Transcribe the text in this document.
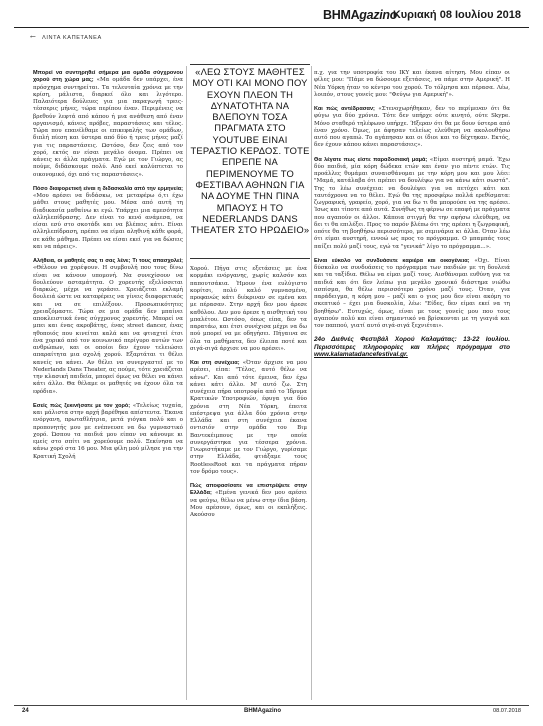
ΒΗΜΑgazino
Κυριακή 08 Ιουλίου 2018
← ΛΙΝΤΑ ΚΑΠΕΤΑΝΕΑ

Μπορεί να συντηρηθεί σήμερα μια ομάδα σύγχρονου χορού στη χώρα μας; «Μα ομάδα δεν υπάρχει, ένα πρόσχημα συντηρείται. Τα τελευταία χρόνια με την κρίση, μάλιστα, διαρκεί όλο και λιγότερο. Παλαιότερα δούλευες για μια παραγωγή τρεις-τέσσερις μήνες, τώρα περίπου έναν. Περιμένεις να βρεθούν λεφτά από κάπου ή μια ανάθεση από έναν οργανισμό, κάνεις πρόβες, παραστάσεις και τέλος. Τώρα που επανέλθαμε οι επικεφαλής των ομάδων, διπλή πίεση και ύστερα από δύο ή τρεις μήνες μαζί για τις παραστάσεις. Ωστόσο, δεν ζεις από τον χορό, εκτός αν είσαι μεγάλο όνομα. Πρέπει να κάνεις κι άλλα πράγματα. Εγώ με τον Γιώργο, ας πούμε, διδάσκουμε πολύ. Από εκεί καλύπτεται το οικονομικό, όχι από τις παραστάσεις».

Πόσο διαφορετική είναι η διδασκαλία από την ερμηνεία; «Μου αρέσει να διδάσκω, να μεταφέρω ό,τι έχω μάθει στους μαθητές μου. Μέσα από αυτή τη διαδικασία μαθαίνω κι εγώ. Υπάρχει μια αμεσότητα αλληλεπίδρασης. Δεν είναι το κενό ανάμεσα, να είσαι εσύ στο σκοτάδι και να βλέπεις κάτι. Είναι αλληλεπίδραση, πρέπει να είμαι αληθινή κάθε φορά, σε κάθε μάθημα. Πρέπει να είσαι εκεί για να δώσεις και να πάρεις».

Αλήθεια, οι μαθητές σας τι σας λένε; Τι τους απασχολεί; «Θέλουν να χορέψουν. Η συμβουλή που τους δίνω είναι να κάνουν υπομονή. Να συνεχίσουν να δουλεύουν ασταμάτητα. Ο χορευτής εξελίσσεται διαρκώς, μέχρι να γεράσει. Χρειάζεται εκλαμή δουλειά ώστε να καταφέρεις να γίνεις διαφορετικός και να σε επιλέξουν. Προσωπικότητες χρειαζόμαστε. Τώρα σε μια ομάδα δεν μπαίνει αποκλειστικά ένας σύγχρονος χορευτής. Μπορεί να μπει και ένας ακροβάτης, ένας street dancer, ένας ηθοποιός που κινείται καλά και να φτιαχτεί έτσι ένα χορικό από τον κοινωνικό περίγυρο αυτών των ανθρώπων, και οι οποίοι δεν έχουν τελειώσει απαραίτητα μια σχολή χορού. Εξαρτάται τι θέλει κανείς να κάνει. Αν θέλει να συνεργαστεί με το Nederlands Dans Theater, ας πούμε, τότε χρειάζεται την κλασική παιδεία, μπορεί όμως να θέλει να κάνει κάτι άλλο. Θα θέλαμε οι μαθητές να έχουν όλα τα εφόδια».

Εσείς πώς ξεκινήσατε με τον χορό; «Τελείως τυχαία, και μάλιστα στην αρχή βαρέθηκα απίστευτα. Έκανα ενόργανη, πρωταθλήτρια, μετά γιόγκα πολύ και ο προπονητής μου με ενέπνευσε να δω γυμναστικό χορό. Ώσπου τα παιδιά μου είπαν να κάνουμε κι εμείς στο σπίτι να χορεύουμε πολύ. Ξεκίνησα να κάνω χορό στα 16 μου. Μια φίλη μού μίλησε για την Κρατική Σχολή

«ΛΕΩ ΣΤΟΥΣ ΜΑΘΗΤΕΣ ΜΟΥ ΟΤΙ ΚΑΙ ΜΟΝΟ ΠΟΥ ΕΧΟΥΝ ΠΛΕΟΝ ΤΗ ΔΥΝΑΤΟΤΗΤΑ ΝΑ ΒΛΕΠΟΥΝ ΤΟΣΑ ΠΡΑΓΜΑΤΑ ΣΤΟ YOUTUBE ΕΙΝΑΙ ΤΕΡΑΣΤΙΟ ΚΕΡΔΟΣ. ΤΟΤΕ ΕΠΡΕΠΕ ΝΑ ΠΕΡΙΜΕΝΟΥΜΕ ΤΟ ΦΕΣΤΙΒΑΛ ΑΘΗΝΩΝ ΓΙΑ ΝΑ ΔΟΥΜΕ ΤΗΝ ΠΙΝΑ ΜΠΑΟΥΣ Η ΤΟ NEDERLANDS DANS THEATER ΣΤΟ ΗΡΩΔΕΙΟ»

Χορού. Πήγα στις εξετάσεις με ένα κορμάκι ενόργανης, χωρίς καλσόν και παπουτσάκια. Ήμουν ένα ευλύγιστο κορίτσι, πολύ καλό γυμνασμένο, προφανώς κάτι διέκριναν σε εμένα και με πέρασαν. Στην αρχή δεν μου άρεσε καθόλου. Δεν μου άρεσε η αισθητική του μπαλέτου. Ωστόσο, όπως είπα, δεν τα παρατάω, και έτσι συνέχισα μέχρι να δω πού μπορεί να με οδηγήσει. Πήγαινα σε όλα τα μαθήματα, δεν έλειπα ποτέ και σιγά-σιγά άρχισε να μου αρέσει».

Και στη συνέχεια; «Όταν άρχισε να μου αρέσει, είπα: "Τέλος, αυτό θέλω να κάνω". Και από τότε έμεινα, δεν έχω κάνει κάτι άλλο. Μ' αυτό ζω. Στη συνέχεια πήρα υποτροφία από το Ίδρυμα Κρατικών Υποτροφιών, έφυγα για δύο χρόνια στη Νέα Υόρκη, έπειτα επέστρεψα για άλλα δύο χρόνια στην Ελλάδα και στη συνέχεια έκανα οντισιόν στην ομάδα του Βιμ Βαντεκέιμπους με την οποία συνεργάστηκα για τέσσερα χρόνια. Γνωριστήκαμε με τον Γιώργο, γυρίσαμε στην Ελλάδα, φτιάξαμε τους RootlessRoot και τα πράγματα πήραν τον δρόμο τους».

Πώς αποφασίσατε να επιστρέψετε στην Ελλάδα; «Εμένα γενικά δεν μου αρέσει να φεύγω, θέλω να μένω στην ίδια βάση. Μου αρέσουν, όμως, και οι εκπλήξεις. Ακούσου

π.χ. για την υποτροφία του ΙΚΥ και έκανα αίτηση. Μου είπαν οι φίλες μου: "Πάμε να δώσουμε εξετάσεις, να πάμε στην Αμερική". Η Νέα Υόρκη ήταν το κέντρο του χορού. Το τόλμησα και πέρασα. Λέω, λοιπόν, στους γονείς μου: "Φεύγω για Αμερική"».

Και πώς αντέδρασαν; «Στενοχωρήθηκαν, δεν το περίμεναν ότι θα φύγω για δύο χρόνια. Τότε δεν υπήρχε ούτε κινητό, ούτε Skype. Μόνο σταθερό τηλέφωνο υπήρχε. Ήξεραν ότι θα με δουν ύστερα από έναν χρόνο. Όμως, με άφησαν τελείως ελεύθερη να ακολουθήσω αυτό που αγαπώ. Το αγάπησαν και οι ίδιοι και το δέχτηκαν. Εκτός, δεν έχουν κάπου κάνει παραστάσεις».

Θα λέγατε πως είστε παραδοσιακή μαμά; «Είμαι αυστηρή μαμά. Έχω δύο παιδιά, μία κόρη δώδεκα ετών και έναν γιο πέντε ετών. Τις προάλλες θυμάμαι συναισθάνομαι με την κόρη μου και μου λέει: "Μαμά, κατάλαβα ότι πρέπει να δουλέψω για να κάνω κάτι σωστά". Της το λέω συνέχεια: να δουλέψει για να πετύχει κάτι και ταυτόχρονα να το θέλει. Εγώ θα της προσφέρω πολλά ερεθίσματα: ζωγραφική, γραφείο, χορό, για να δω τι θα μπορούσε να της αρέσει. Ίσως και τίποτε από αυτά. Συνήθως τη φέρνω σε επαφή με πράγματα που αγαπούν οι άλλοι. Κάποια στιγμή θα την αφήσω ελεύθερη, να δει τι θα επιλέξει. Προς το παρόν βλέπω ότι της αρέσει η ζωγραφική, οπότε θα τη βοηθήσω περισσότερο, με σεμινάρια κι άλλα. Όταν λέω ότι είμαι αυστηρή, εννοώ ως προς το πρόγραμμα. Ο μπαμπάς τους παίζει πολύ μαζί τους, εγώ τα "γενικά" λίγο το πρόγραμμα...».

Είναι εύκολο να συνδυάσετε καριέρα και οικογένεια; «Όχι. Είναι δύσκολο να συνδυάσεις το πρόγραμμα των παιδιών με τη δουλειά και τα ταξίδια. Θέλω να είμαι μαζί τους. Αισθάνομαι ευθύνη για τα παιδιά και ότι δεν λείπω για μεγάλο χρονικό διάστημα νιώθω ασπίσμα, θα θέλω περισσότερο χρόνο μαζί τους. Όταν, για παράδειγμα, η κόρη μου – μαζί και ο γιος μου δεν είναι ακόμη το σκεπτικό – έχει μια δυσκολία, λέω: "Είδες, δεν είμαι εκεί να τη βοηθήσω". Ευτυχώς, όμως, είναι με τους γονείς μου που τους αγαπούν πολύ και είναι σημαντικό να βρίσκονται με τη γιαγιά και τον παππού, γιατί αυτό σιγά-σιγά ξεχνιέται».

24ο Διεθνές Φεστιβάλ Χορού Καλαμάτας: 13-22 Ιουλίου. Περισσότερες πληροφορίες και πλήρες πρόγραμμα στο www.kalamatadancefestival.gr.
24	ΒΗΜΑgazino	08.07.2018
